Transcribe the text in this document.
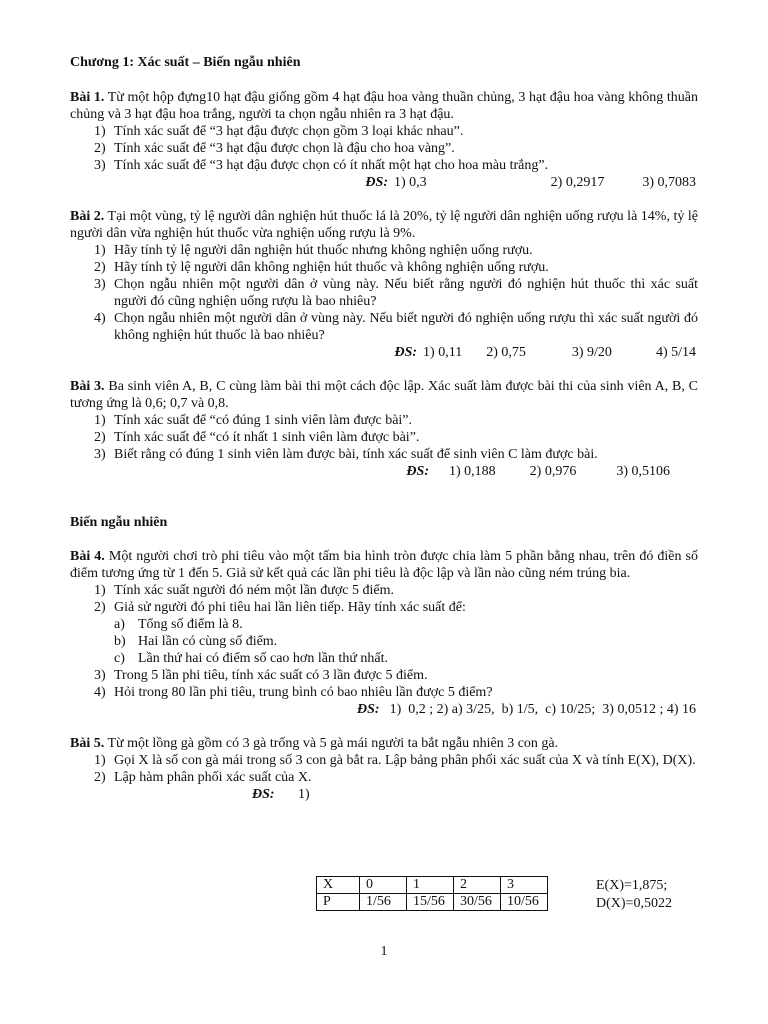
Chương 1: Xác suất – Biến ngẫu nhiên

Bài 1. Từ một hộp đựng10 hạt đậu giống gồm 4 hạt đậu hoa vàng thuần chủng, 3 hạt đậu hoa vàng không thuần chủng và 3 hạt đậu hoa trắng, người ta chọn ngẫu nhiên ra 3 hạt đậu.

1) Tính xác suất để “3 hạt đậu được chọn gồm 3 loại khác nhau”.
2) Tính xác suất để “3 hạt đậu được chọn là đậu cho hoa vàng”.
3) Tính xác suất để “3 hạt đậu được chọn có ít nhất một hạt cho hoa màu trắng”.
ĐS: 1) 0,3	2) 0,2917	3) 0,7083

Bài 2. Tại một vùng, tỷ lệ người dân nghiện hút thuốc lá là 20%, tỷ lệ người dân nghiện uống rượu là 14%, tỷ lệ người dân vừa nghiện hút thuốc vừa nghiện uống rượu là 9%.

1) Hãy tính tỷ lệ người dân nghiện hút thuốc nhưng không nghiện uống rượu.
2) Hãy tính tỷ lệ người dân không nghiện hút thuốc và không nghiện uống rượu.
3) Chọn ngẫu nhiên một người dân ở vùng này. Nếu biết rằng người đó nghiện hút thuốc thì xác suất người đó cũng nghiện uống rượu là bao nhiêu?
4) Chọn ngẫu nhiên một người dân ở vùng này. Nếu biết người đó nghiện uống rượu thì xác suất người đó không nghiện hút thuốc là bao nhiêu?
ĐS: 1) 0,11 2) 0,75	3) 9/20	4) 5/14

Bài 3. Ba sinh viên A, B, C cùng làm bài thi một cách độc lập. Xác suất làm được bài thi của sinh viên A, B, C tương ứng là 0,6; 0,7 và 0,8.

1) Tính xác suất để “có đúng 1 sinh viên làm được bài”.
2) Tính xác suất để “có ít nhất 1 sinh viên làm được bài”.
3) Biết rằng có đúng 1 sinh viên làm được bài, tính xác suất để sinh viên C làm được bài.
ĐS: 1) 0,188 2) 0,976	3) 0,5106
Biến ngẫu nhiên

Bài 4. Một người chơi trò phi tiêu vào một tấm bia hình tròn được chia làm 5 phần bằng nhau, trên đó điền số điểm tương ứng từ 1 đến 5. Giả sử kết quả các lần phi tiêu là độc lập và lần nào cũng ném trúng bia.

1) Tính xác suất người đó ném một lần được 5 điểm.
2) Giả sử người đó phi tiêu hai lần liên tiếp. Hãy tính xác suất để:
a) Tổng số điểm là 8.
b) Hai lần có cùng số điểm.
c) Lần thứ hai có điểm số cao hơn lần thứ nhất.
3) Trong 5 lần phi tiêu, tính xác suất có 3 lần được 5 điểm.
4) Hỏi trong 80 lần phi tiêu, trung bình có bao nhiêu lần được 5 điểm?
ĐS: 1)  0,2 ; 2) a) 3/25,  b) 1/5,  c) 10/25;  3) 0,0512 ; 4) 16

Bài 5. Từ một lồng gà gồm có 3 gà trống và 5 gà mái người ta bắt ngẫu nhiên 3 con gà.

1) Gọi X là số con gà mái trong số 3 con gà bắt ra. Lập bảng phân phối xác suất của X và tính E(X), D(X).
2) Lập hàm phân phối xác suất của X.
ĐS: 1)
X	0	1	2	3
P	1/56	15/56	30/56	10/56
E(X)=1,875;
D(X)=0,5022
1
